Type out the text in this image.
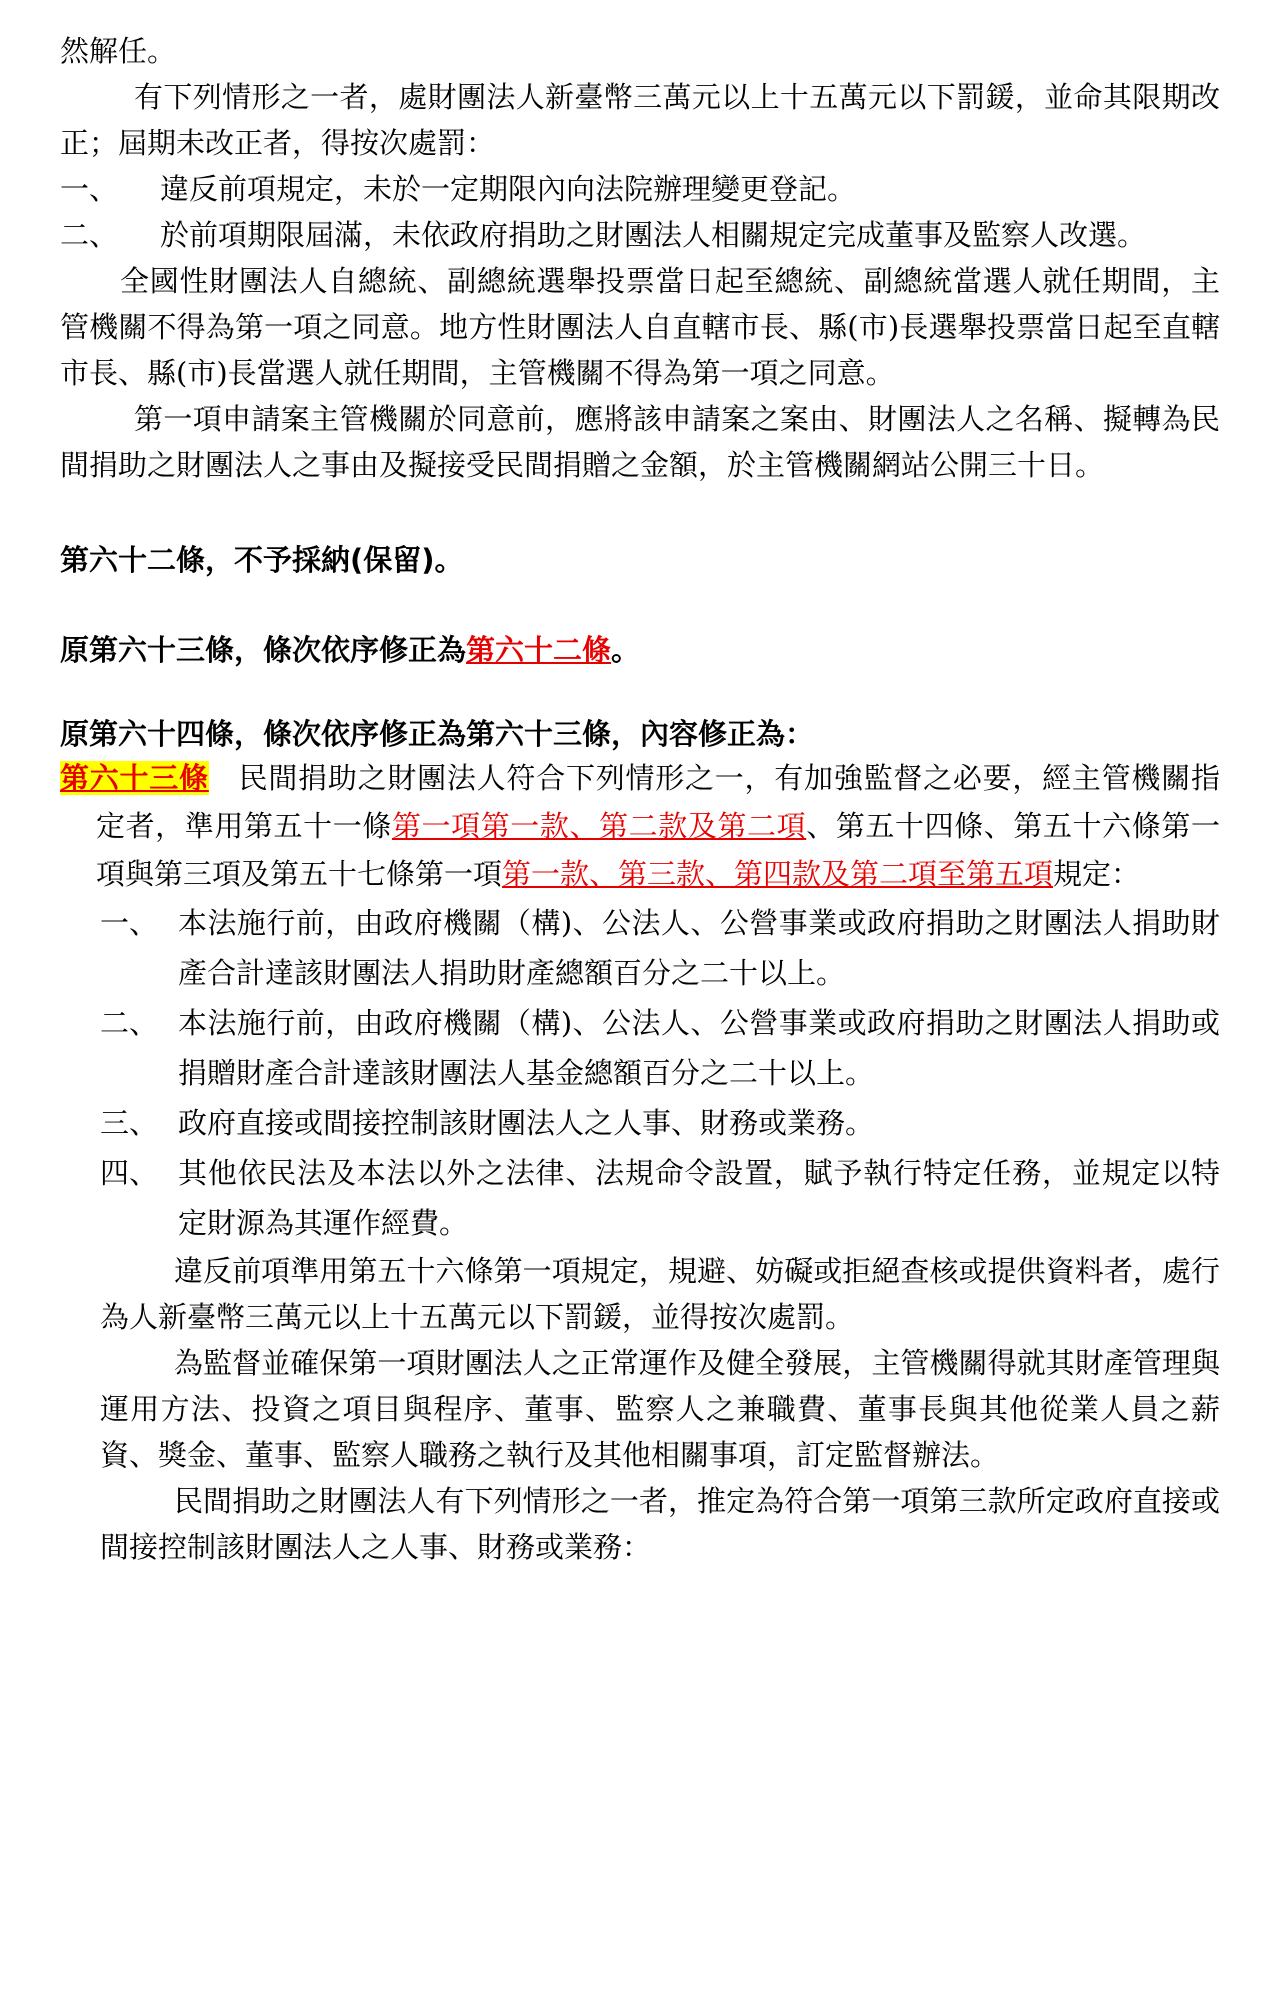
然解任。

有下列情形之一者，處財團法人新臺幣三萬元以上十五萬元以下罰鍰，並命其限期改正；屆期未改正者，得按次處罰：

一、 違反前項規定，未於一定期限內向法院辦理變更登記。
二、 於前項期限屆滿，未依政府捐助之財團法人相關規定完成董事及監察人改選。

全國性財團法人自總統、副總統選舉投票當日起至總統、副總統當選人就任期間，主管機關不得為第一項之同意。地方性財團法人自直轄市長、縣(市)長選舉投票當日起至直轄市長、縣(市)長當選人就任期間，主管機關不得為第一項之同意。

第一項申請案主管機關於同意前，應將該申請案之案由、財團法人之名稱、擬轉為民間捐助之財團法人之事由及擬接受民間捐贈之金額，於主管機關網站公開三十日。

第六十二條，不予採納(保留)。

原第六十三條，條次依序修正為第六十二條。

原第六十四條，條次依序修正為第六十三條，內容修正為：

第六十三條　 民間捐助之財團法人符合下列情形之一，有加強監督之必要，經主管機關指定者，準用第五十一條第一項第一款、第二款及第二項、第五十四條、第五十六條第一項與第三項及第五十七條第一項第一款、第三款、第四款及第二項至第五項規定：

一、 本法施行前，由政府機關（構)、公法人、公營事業或政府捐助之財團法人捐助財產合計達該財團法人捐助財產總額百分之二十以上。
二、 本法施行前，由政府機關（構)、公法人、公營事業或政府捐助之財團法人捐助或捐贈財產合計達該財團法人基金總額百分之二十以上。
三、 政府直接或間接控制該財團法人之人事、財務或業務。
四、 其他依民法及本法以外之法律、法規命令設置，賦予執行特定任務，並規定以特定財源為其運作經費。

違反前項準用第五十六條第一項規定，規避、妨礙或拒絕查核或提供資料者，處行為人新臺幣三萬元以上十五萬元以下罰鍰，並得按次處罰。

為監督並確保第一項財團法人之正常運作及健全發展，主管機關得就其財產管理與運用方法、投資之項目與程序、董事、監察人之兼職費、董事長與其他從業人員之薪資、獎金、董事、監察人職務之執行及其他相關事項，訂定監督辦法。

民間捐助之財團法人有下列情形之一者，推定為符合第一項第三款所定政府直接或間接控制該財團法人之人事、財務或業務：
